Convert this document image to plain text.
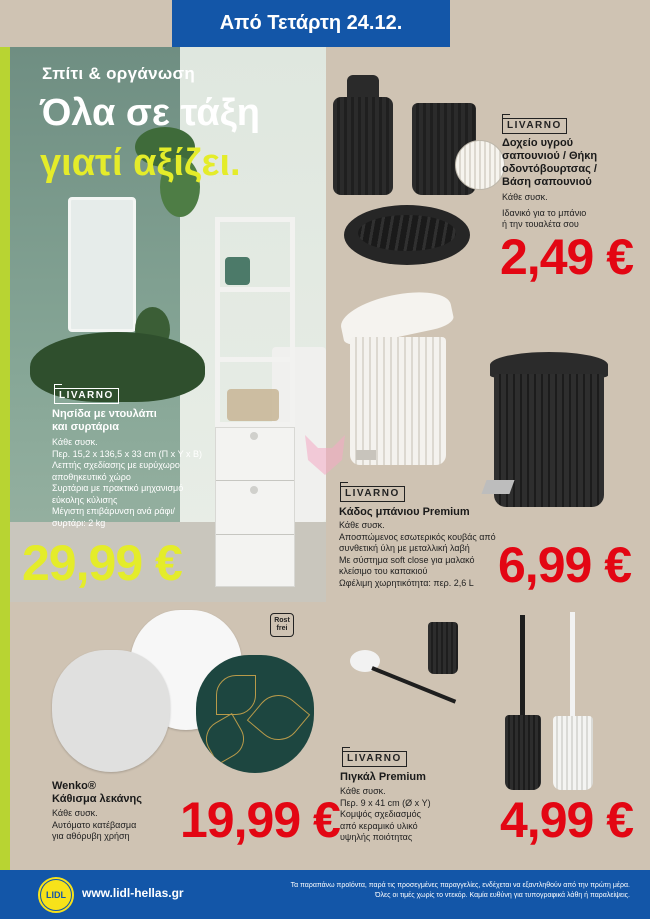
Από Τετάρτη 24.12.
Σπίτι & οργάνωση
Όλα σε τάξη
γιατί αξίζει.
LIVARNO
Νησίδα με ντουλάπι
και συρτάρια
Κάθε συσκ.
Περ. 15,2 x 136,5 x 33 cm (Π x Υ x Β)
Λεπτής σχεδίασης με ευρύχωρο
αποθηκευτικό χώρο
Συρτάρια με πρακτικό μηχανισμό
εύκολης κύλισης
Μέγιστη επιβάρυνση ανά ράφι/
συρτάρι: 2 kg
29,99 €
LIVARNO
Δοχείο υγρού
σαπουνιού / Θήκη
οδοντόβουρτσας /
Βάση σαπουνιού
Κάθε συσκ.
Ιδανικό για το μπάνιο
ή την τουαλέτα σου
2,49 €
LIVARNO
Κάδος μπάνιου Premium
Κάθε συσκ.
Αποσπώμενος εσωτερικός κουβάς από
συνθετική ύλη με μεταλλική λαβή
Με σύστημα soft close για μαλακό
κλείσιμο του καπακιού
Ωφέλιμη χωρητικότητα: περ. 2,6 L 6,99 €
Rost
frei
Wenko®
Κάθισμα λεκάνης
Κάθε συσκ.
Αυτόματο κατέβασμα
για αθόρυβη χρήση 19,99 €
LIVARNO
Πιγκάλ Premium
Κάθε συσκ.
Περ. 9 x 41 cm (Ø x Υ)
Κομψός σχεδιασμός
από κεραμικό υλικό
υψηλής ποιότητας	4,99 €
LIDL	www.lidl-hellas.gr
Τα παραπάνω προϊόντα, παρά τις προσεγμένες παραγγελίες, ενδέχεται να εξαντληθούν από την πρώτη μέρα.
Όλες οι τιμές χωρίς το ντεκόρ. Καμία ευθύνη για τυπογραφικά λάθη ή παραλείψεις.
